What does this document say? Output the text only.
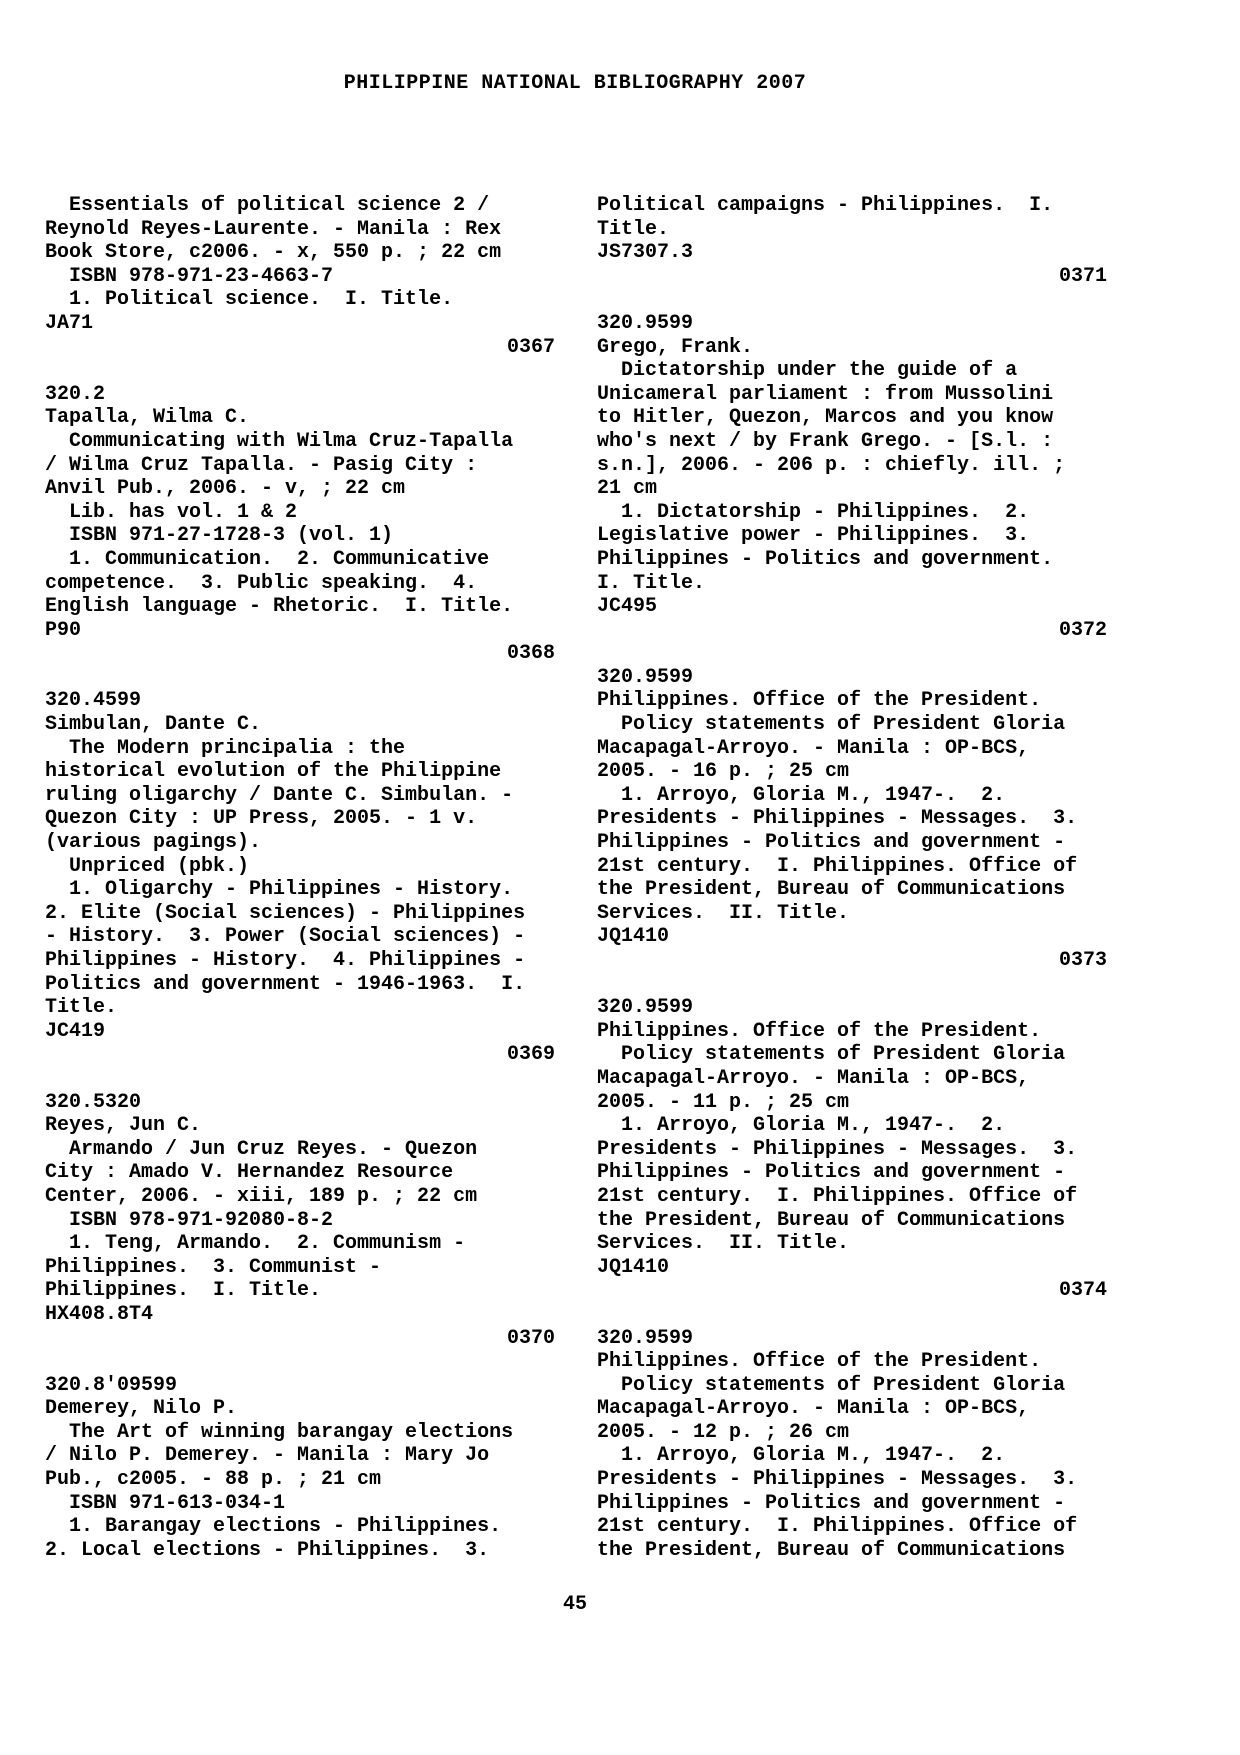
PHILIPPINE NATIONAL BIBLIOGRAPHY 2007
Essentials of political science 2 /
Reynold Reyes-Laurente. - Manila : Rex
Book Store, c2006. - x, 550 p. ; 22 cm
ISBN 978-971-23-4663-7
1. Political science.  I. Title.
JA71
0367
320.2
Tapalla, Wilma C.
Communicating with Wilma Cruz-Tapalla
/ Wilma Cruz Tapalla. - Pasig City :
Anvil Pub., 2006. - v, ; 22 cm
Lib. has vol. 1 & 2
ISBN 971-27-1728-3 (vol. 1)
1. Communication.  2. Communicative
competence.  3. Public speaking.  4.
English language - Rhetoric.  I. Title.
P90
0368
320.4599
Simbulan, Dante C.
The Modern principalia : the
historical evolution of the Philippine
ruling oligarchy / Dante C. Simbulan. -
Quezon City : UP Press, 2005. - 1 v.
(various pagings).
Unpriced (pbk.)
1. Oligarchy - Philippines - History.
2. Elite (Social sciences) - Philippines
- History.  3. Power (Social sciences) -
Philippines - History.  4. Philippines -
Politics and government - 1946-1963.  I.
Title.
JC419
0369
320.5320
Reyes, Jun C.
Armando / Jun Cruz Reyes. - Quezon
City : Amado V. Hernandez Resource
Center, 2006. - xiii, 189 p. ; 22 cm
ISBN 978-971-92080-8-2
1. Teng, Armando.  2. Communism -
Philippines.  3. Communist -
Philippines.  I. Title.
HX408.8T4
0370
320.8'09599
Demerey, Nilo P.
The Art of winning barangay elections
/ Nilo P. Demerey. - Manila : Mary Jo
Pub., c2005. - 88 p. ; 21 cm
ISBN 971-613-034-1
1. Barangay elections - Philippines.
2. Local elections - Philippines.  3.
Political campaigns - Philippines.  I.
Title.
JS7307.3
0371
320.9599
Grego, Frank.
Dictatorship under the guide of a
Unicameral parliament : from Mussolini
to Hitler, Quezon, Marcos and you know
who's next / by Frank Grego. - [S.l. :
s.n.], 2006. - 206 p. : chiefly. ill. ;
21 cm
1. Dictatorship - Philippines.  2.
Legislative power - Philippines.  3.
Philippines - Politics and government.
I. Title.
JC495
0372
320.9599
Philippines. Office of the President.
Policy statements of President Gloria
Macapagal-Arroyo. - Manila : OP-BCS,
2005. - 16 p. ; 25 cm
1. Arroyo, Gloria M., 1947-.  2.
Presidents - Philippines - Messages.  3.
Philippines - Politics and government -
21st century.  I. Philippines. Office of
the President, Bureau of Communications
Services.  II. Title.
JQ1410
0373
320.9599
Philippines. Office of the President.
Policy statements of President Gloria
Macapagal-Arroyo. - Manila : OP-BCS,
2005. - 11 p. ; 25 cm
1. Arroyo, Gloria M., 1947-.  2.
Presidents - Philippines - Messages.  3.
Philippines - Politics and government -
21st century.  I. Philippines. Office of
the President, Bureau of Communications
Services.  II. Title.
JQ1410
0374
320.9599
Philippines. Office of the President.
Policy statements of President Gloria
Macapagal-Arroyo. - Manila : OP-BCS,
2005. - 12 p. ; 26 cm
1. Arroyo, Gloria M., 1947-.  2.
Presidents - Philippines - Messages.  3.
Philippines - Politics and government -
21st century.  I. Philippines. Office of
the President, Bureau of Communications
45
